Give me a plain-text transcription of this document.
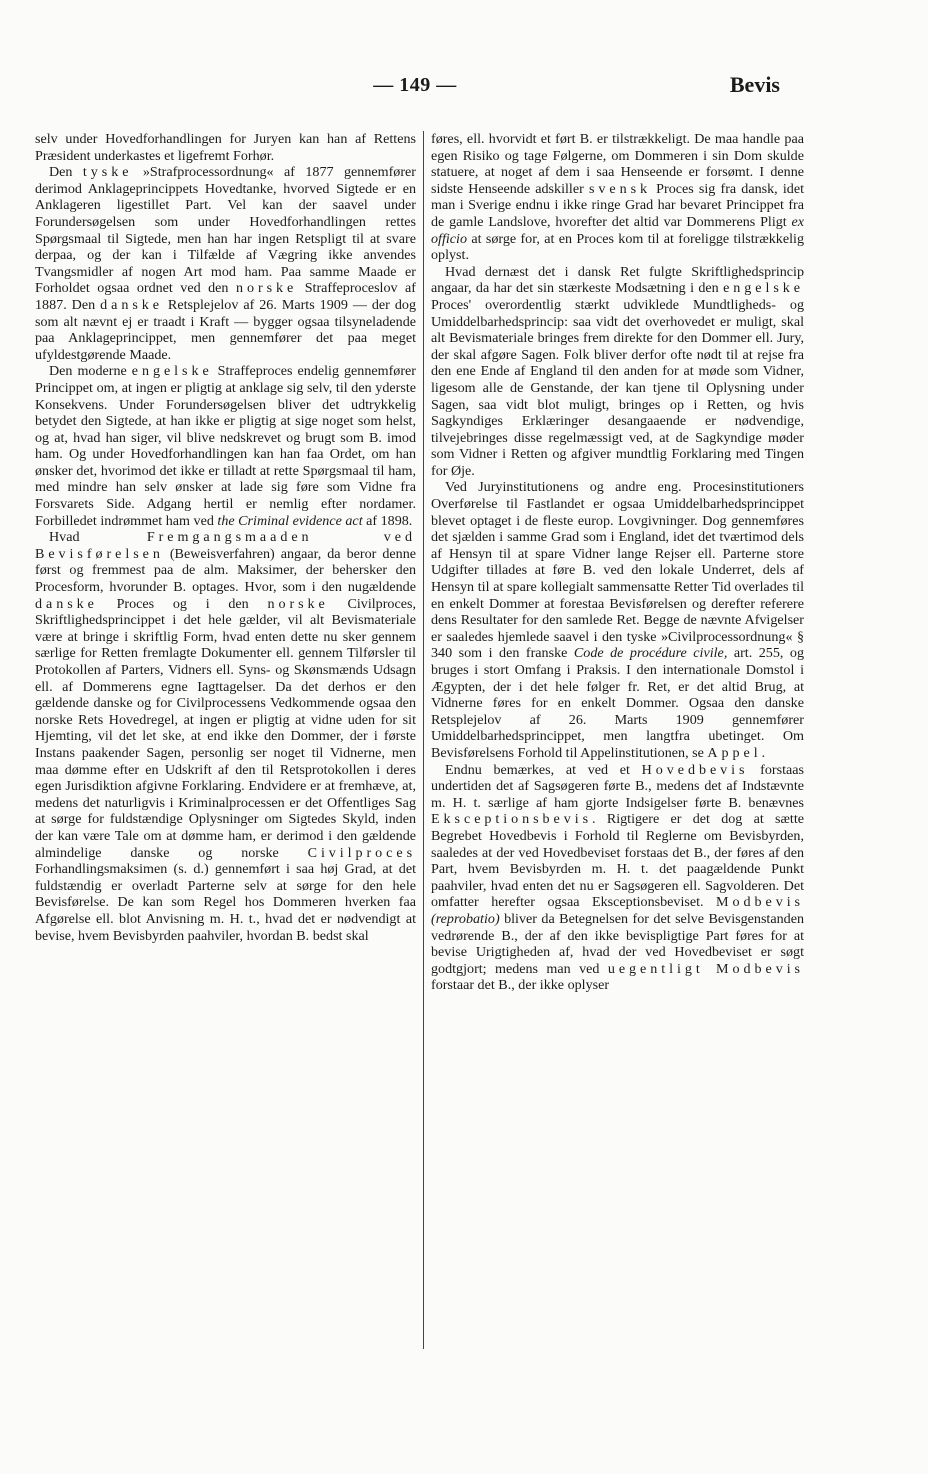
— 149 —	Bevis

selv under Hovedforhandlingen for Juryen kan han af Rettens Præsident underkastes et ligefremt Forhør.

Den tyske »Strafprocessordnung« af 1877 gennemfører derimod Anklageprincippets Hovedtanke, hvorved Sigtede er en Anklageren ligestillet Part. Vel kan der saavel under Forundersøgelsen som under Hovedforhandlingen rettes Spørgsmaal til Sigtede, men han har ingen Retspligt til at svare derpaa, og der kan i Tilfælde af Vægring ikke anvendes Tvangsmidler af nogen Art mod ham. Paa samme Maade er Forholdet ogsaa ordnet ved den norske Straffeproceslov af 1887. Den danske Retsplejelov af 26. Marts 1909 — der dog som alt nævnt ej er traadt i Kraft — bygger ogsaa tilsyneladende paa Anklageprincippet, men gennemfører det paa meget ufyldestgørende Maade.

Den moderne engelske Straffeproces endelig gennemfører Princippet om, at ingen er pligtig at anklage sig selv, til den yderste Konsekvens. Under Forundersøgelsen bliver det udtrykkelig betydet den Sigtede, at han ikke er pligtig at sige noget som helst, og at, hvad han siger, vil blive nedskrevet og brugt som B. imod ham. Og under Hovedforhandlingen kan han faa Ordet, om han ønsker det, hvorimod det ikke er tilladt at rette Spørgsmaal til ham, med mindre han selv ønsker at lade sig føre som Vidne fra Forsvarets Side. Adgang hertil er nemlig efter nordamer. Forbilledet indrømmet ham ved the Criminal evidence act af 1898.

Hvad Fremgangsmaaden ved Bevisførelsen (Beweisverfahren) angaar, da beror denne først og fremmest paa de alm. Maksimer, der behersker den Procesform, hvorunder B. optages. Hvor, som i den nugældende danske Proces og i den norske Civilproces, Skriftlighedsprincippet i det hele gælder, vil alt Bevismateriale være at bringe i skriftlig Form, hvad enten dette nu sker gennem særlige for Retten fremlagte Dokumenter ell. gennem Tilførsler til Protokollen af Parters, Vidners ell. Syns- og Skønsmænds Udsagn ell. af Dommerens egne Iagttagelser. Da det derhos er den gældende danske og for Civilprocessens Vedkommende ogsaa den norske Rets Hovedregel, at ingen er pligtig at vidne uden for sit Hjemting, vil det let ske, at end ikke den Dommer, der i første Instans paakender Sagen, personlig ser noget til Vidnerne, men maa dømme efter en Udskrift af den til Retsprotokollen i deres egen Jurisdiktion afgivne Forklaring. Endvidere er at fremhæve, at, medens det naturligvis i Kriminalprocessen er det Offentliges Sag at sørge for fuldstændige Oplysninger om Sigtedes Skyld, inden der kan være Tale om at dømme ham, er derimod i den gældende almindelige danske og norske Civilproces Forhandlingsmaksimen (s. d.) gennemført i saa høj Grad, at det fuldstændig er overladt Parterne selv at sørge for den hele Bevisførelse. De kan som Regel hos Dommeren hverken faa Afgørelse ell. blot Anvisning m. H. t., hvad det er nødvendigt at bevise, hvem Bevisbyrden paahviler, hvordan B. bedst skal

føres, ell. hvorvidt et ført B. er tilstrækkeligt. De maa handle paa egen Risiko og tage Følgerne, om Dommeren i sin Dom skulde statuere, at noget af dem i saa Henseende er forsømt. I denne sidste Henseende adskiller svensk Proces sig fra dansk, idet man i Sverige endnu i ikke ringe Grad har bevaret Princippet fra de gamle Landslove, hvorefter det altid var Dommerens Pligt ex officio at sørge for, at en Proces kom til at foreligge tilstrækkelig oplyst.

Hvad dernæst det i dansk Ret fulgte Skriftlighedsprincip angaar, da har det sin stærkeste Modsætning i den engelske Proces' overordentlig stærkt udviklede Mundtligheds- og Umiddelbarhedsprincip: saa vidt det overhovedet er muligt, skal alt Bevismateriale bringes frem direkte for den Dommer ell. Jury, der skal afgøre Sagen. Folk bliver derfor ofte nødt til at rejse fra den ene Ende af England til den anden for at møde som Vidner, ligesom alle de Genstande, der kan tjene til Oplysning under Sagen, saa vidt blot muligt, bringes op i Retten, og hvis Sagkyndiges Erklæringer desangaaende er nødvendige, tilvejebringes disse regelmæssigt ved, at de Sagkyndige møder som Vidner i Retten og afgiver mundtlig Forklaring med Tingen for Øje.

Ved Juryinstitutionens og andre eng. Procesinstitutioners Overførelse til Fastlandet er ogsaa Umiddelbarhedsprincippet blevet optaget i de fleste europ. Lovgivninger. Dog gennemføres det sjælden i samme Grad som i England, idet det tværtimod dels af Hensyn til at spare Vidner lange Rejser ell. Parterne store Udgifter tillades at føre B. ved den lokale Underret, dels af Hensyn til at spare kollegialt sammensatte Retter Tid overlades til en enkelt Dommer at forestaa Bevisførelsen og derefter referere dens Resultater for den samlede Ret. Begge de nævnte Afvigelser er saaledes hjemlede saavel i den tyske »Civilprocessordnung« § 340 som i den franske Code de procédure civile, art. 255, og bruges i stort Omfang i Praksis. I den internationale Domstol i Ægypten, der i det hele følger fr. Ret, er det altid Brug, at Vidnerne føres for en enkelt Dommer. Ogsaa den danske Retsplejelov af 26. Marts 1909 gennemfører Umiddelbarhedsprincippet, men langtfra ubetinget. Om Bevisførelsens Forhold til Appelinstitutionen, se Appel.

Endnu bemærkes, at ved et Hovedbevis forstaas undertiden det af Sagsøgeren førte B., medens det af Indstævnte m. H. t. særlige af ham gjorte Indsigelser førte B. benævnes Eksceptionsbevis. Rigtigere er det dog at sætte Begrebet Hovedbevis i Forhold til Reglerne om Bevisbyrden, saaledes at der ved Hovedbeviset forstaas det B., der føres af den Part, hvem Bevisbyrden m. H. t. det paagældende Punkt paahviler, hvad enten det nu er Sagsøgeren ell. Sagvolderen. Det omfatter herefter ogsaa Eksceptionsbeviset. Modbevis (reprobatio) bliver da Betegnelsen for det selve Bevisgenstanden vedrørende B., der af den ikke bevispligtige Part føres for at bevise Urigtigheden af, hvad der ved Hovedbeviset er søgt godtgjort; medens man ved uegentligt Modbevis forstaar det B., der ikke oplyser
